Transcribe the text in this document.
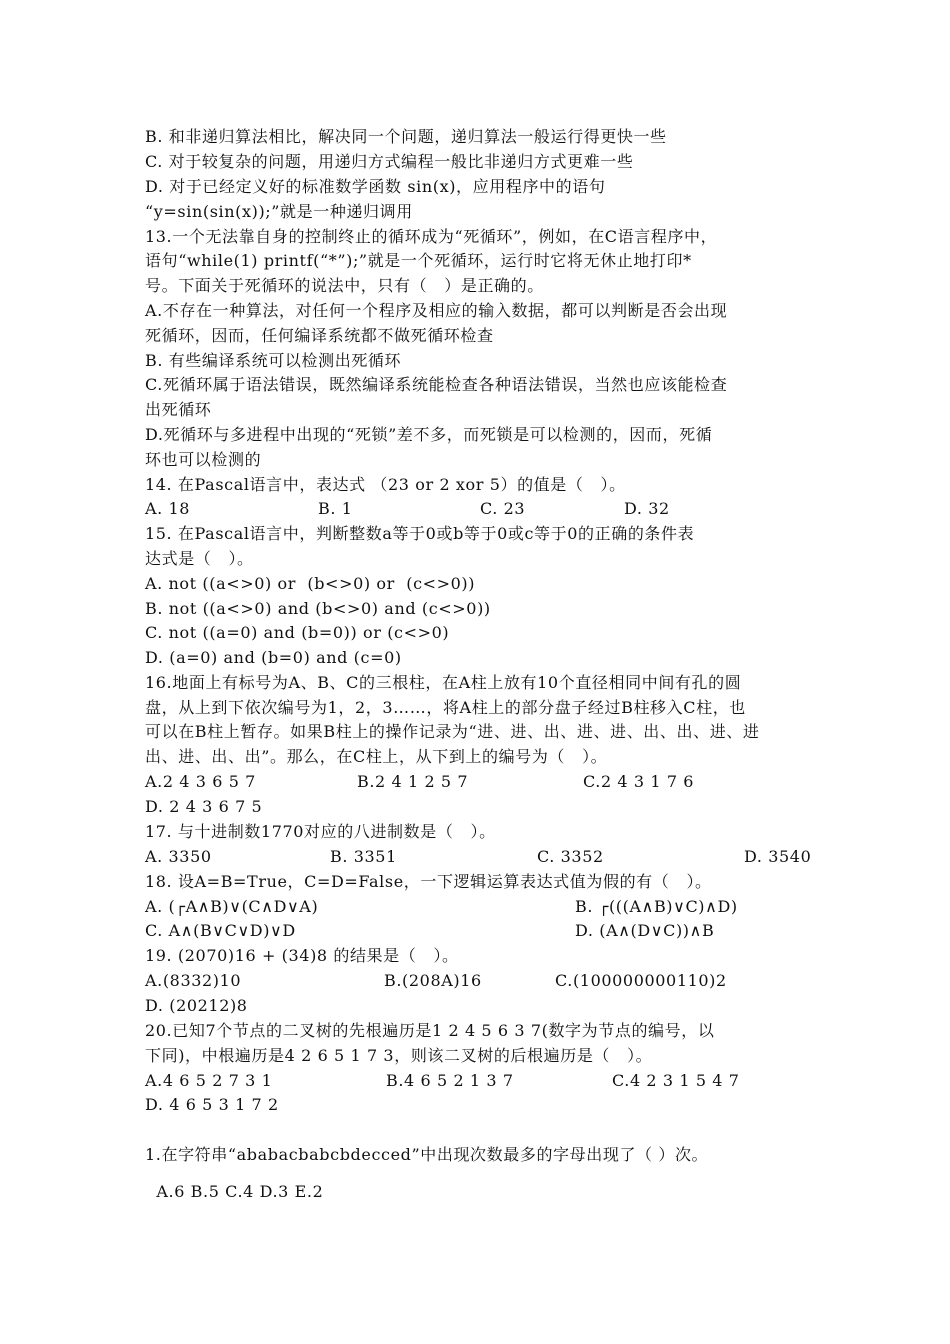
B. 和非递归算法相比，解决同一个问题，递归算法一般运行得更快一些
C. 对于较复杂的问题，用递归方式编程一般比非递归方式更难一些
D. 对于已经定义好的标准数学函数 sin(x)，应用程序中的语句
“y=sin(sin(x));”就是一种递归调用
13.一个无法靠自身的控制终止的循环成为“死循环”，例如，在C语言程序中，
语句“while(1) printf(“*”);”就是一个死循环，运行时它将无休止地打印*
号。下面关于死循环的说法中，只有（   ）是正确的。
A.不存在一种算法，对任何一个程序及相应的输入数据，都可以判断是否会出现
死循环，因而，任何编译系统都不做死循环检查
B. 有些编译系统可以检测出死循环
C.死循环属于语法错误，既然编译系统能检查各种语法错误，当然也应该能检查
出死循环
D.死循环与多进程中出现的“死锁”差不多，而死锁是可以检测的，因而，死循
环也可以检测的
14. 在Pascal语言中，表达式 （23 or 2 xor 5）的值是（   ）。
A. 18	B. 1	C. 23	D. 32
15. 在Pascal语言中，判断整数a等于0或b等于0或c等于0的正确的条件表
达式是（   ）。
A. not ((a<>0) or  (b<>0) or  (c<>0))
B. not ((a<>0) and (b<>0) and (c<>0))
C. not ((a=0) and (b=0)) or (c<>0)
D. (a=0) and (b=0) and (c=0)
16.地面上有标号为A、B、C的三根柱，在A柱上放有10个直径相同中间有孔的圆
盘，从上到下依次编号为1，2，3……，将A柱上的部分盘子经过B柱移入C柱，也
可以在B柱上暂存。如果B柱上的操作记录为“进、进、出、进、进、出、出、进、进
出、进、出、出”。那么，在C柱上，从下到上的编号为（   ）。
A.2 4 3 6 5 7	B.2 4 1 2 5 7	C.2 4 3 1 7 6
D. 2 4 3 6 7 5
17. 与十进制数1770对应的八进制数是（   ）。
A. 3350	B. 3351	C. 3352	D. 3540
18. 设A=B=True，C=D=False，一下逻辑运算表达式值为假的有（   ）。
A. (┌A∧B)∨(C∧D∨A)	B. ┌(((A∧B)∨C)∧D)
C. A∧(B∨C∨D)∨D	D. (A∧(D∨C))∧B
19. (2070)16 + (34)8 的结果是（   ）。
A.(8332)10	B.(208A)16	C.(100000000110)2
D. (20212)8
20.已知7个节点的二叉树的先根遍历是1 2 4 5 6 3 7(数字为节点的编号，以
下同)，中根遍历是4 2 6 5 1 7 3，则该二叉树的后根遍历是（   ）。
A.4 6 5 2 7 3 1	B.4 6 5 2 1 3 7	C.4 2 3 1 5 4 7
D. 4 6 5 3 1 7 2
1.在字符串“ababacbabcbdecced”中出现次数最多的字母出现了（ ）次。
A.6 B.5 C.4 D.3 E.2
